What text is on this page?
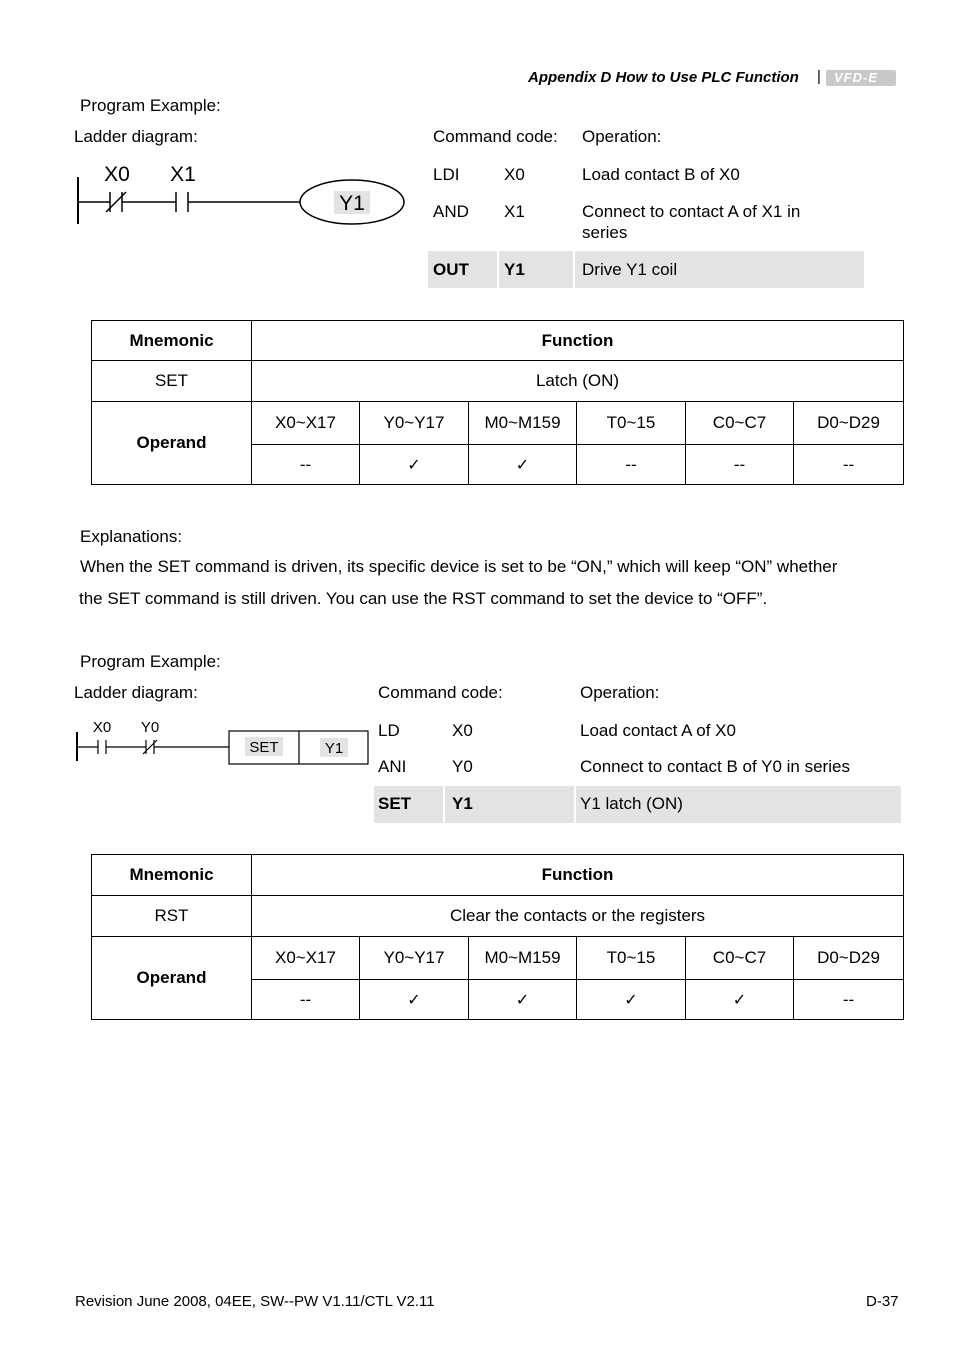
Appendix D How to Use PLC Function | VFD-E
Program Example:
Ladder diagram:
X0 X1
Y1
Command code: Operation:
LDI	X0	Load contact B of X0
AND X1	Connect to contact A of X1 in
series
OUT Y1	Drive Y1 coil
Mnemonic	Function					
SET	Latch (ON)					
Operand	X0~X17	Y0~Y17	M0~M159	T0~15	C0~C7	D0~D29
	--	✓	✓	--	--	--
Explanations:
When the SET command is driven, its specific device is set to be “ON,” which will keep “ON” whether
the SET command is still driven. You can use the RST command to set the device to “OFF”.
Program Example:
Ladder diagram:
X0 Y0
SET	Y1
Command code:	Operation:
LD	X0	Load contact A of X0
ANI	Y0	Connect to contact B of Y0 in series
SET Y1	Y1 latch (ON)
Mnemonic	Function					
RST	Clear the contacts or the registers					
Operand	X0~X17	Y0~Y17	M0~M159	T0~15	C0~C7	D0~D29
	--	✓	✓	✓	✓	--
Revision June 2008, 04EE, SW--PW V1.11/CTL V2.11	D-37
